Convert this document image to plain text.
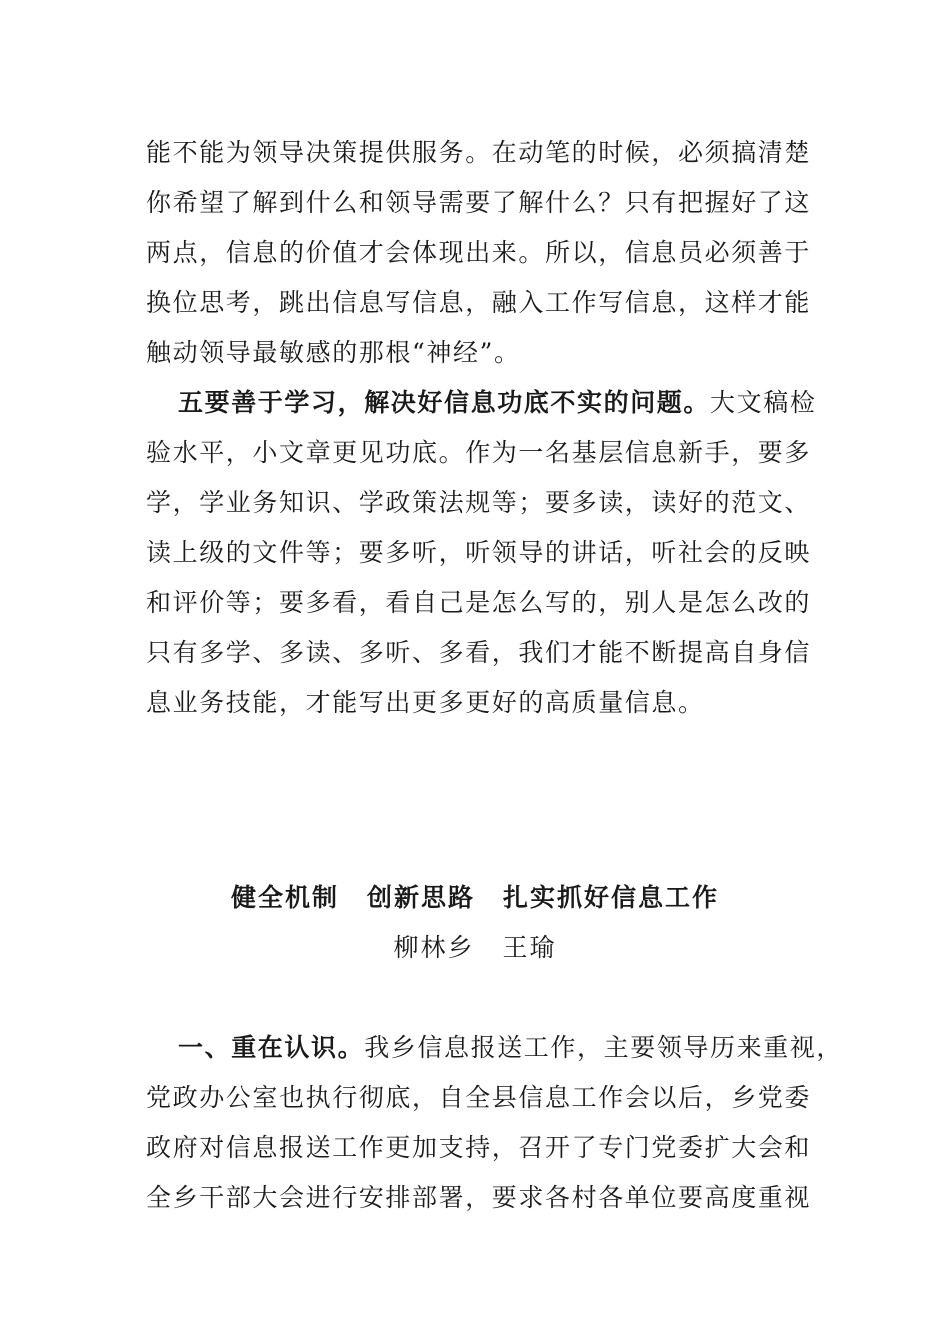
能不能为领导决策提供服务。在动笔的时候，必须搞清楚
你希望了解到什么和领导需要了解什么？只有把握好了这
两点，信息的价值才会体现出来。所以，信息员必须善于
换位思考，跳出信息写信息，融入工作写信息，这样才能
触动领导最敏感的那根“神经”。
五要善于学习，解决好信息功底不实的问题。大文稿检
验水平，小文章更见功底。作为一名基层信息新手，要多
学，学业务知识、学政策法规等；要多读，读好的范文、
读上级的文件等；要多听，听领导的讲话，听社会的反映
和评价等；要多看，看自己是怎么写的，别人是怎么改的
只有多学、多读、多听、多看，我们才能不断提高自身信
息业务技能，才能写出更多更好的高质量信息。
健全机制 创新思路 扎实抓好信息工作
柳林乡 王瑜
一、重在认识。我乡信息报送工作，主要领导历来重视，
党政办公室也执行彻底，自全县信息工作会以后，乡党委
政府对信息报送工作更加支持，召开了专门党委扩大会和
全乡干部大会进行安排部署，要求各村各单位要高度重视
